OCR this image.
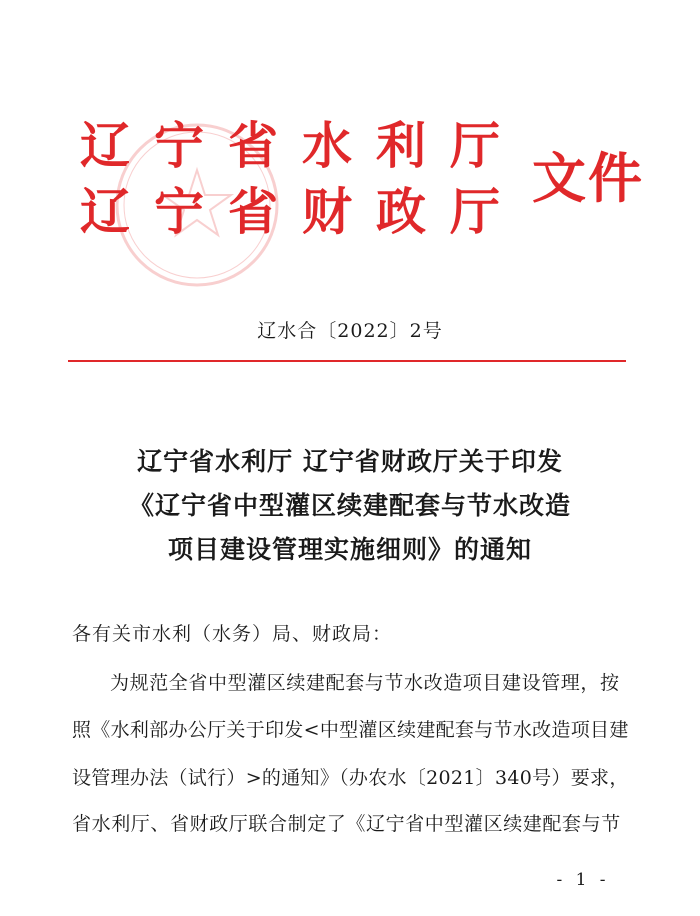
辽宁省水利厅
辽宁省财政厅
文件
辽水合〔2022〕2号
辽宁省水利厅 辽宁省财政厅关于印发
《辽宁省中型灌区续建配套与节水改造
项目建设管理实施细则》的通知
各有关市水利（水务）局、财政局：
为规范全省中型灌区续建配套与节水改造项目建设管理，按
照《水利部办公厅关于印发<中型灌区续建配套与节水改造项目建
设管理办法（试行）>的通知》（办农水〔2021〕340号）要求，
省水利厅、省财政厅联合制定了《辽宁省中型灌区续建配套与节
- 1 -
